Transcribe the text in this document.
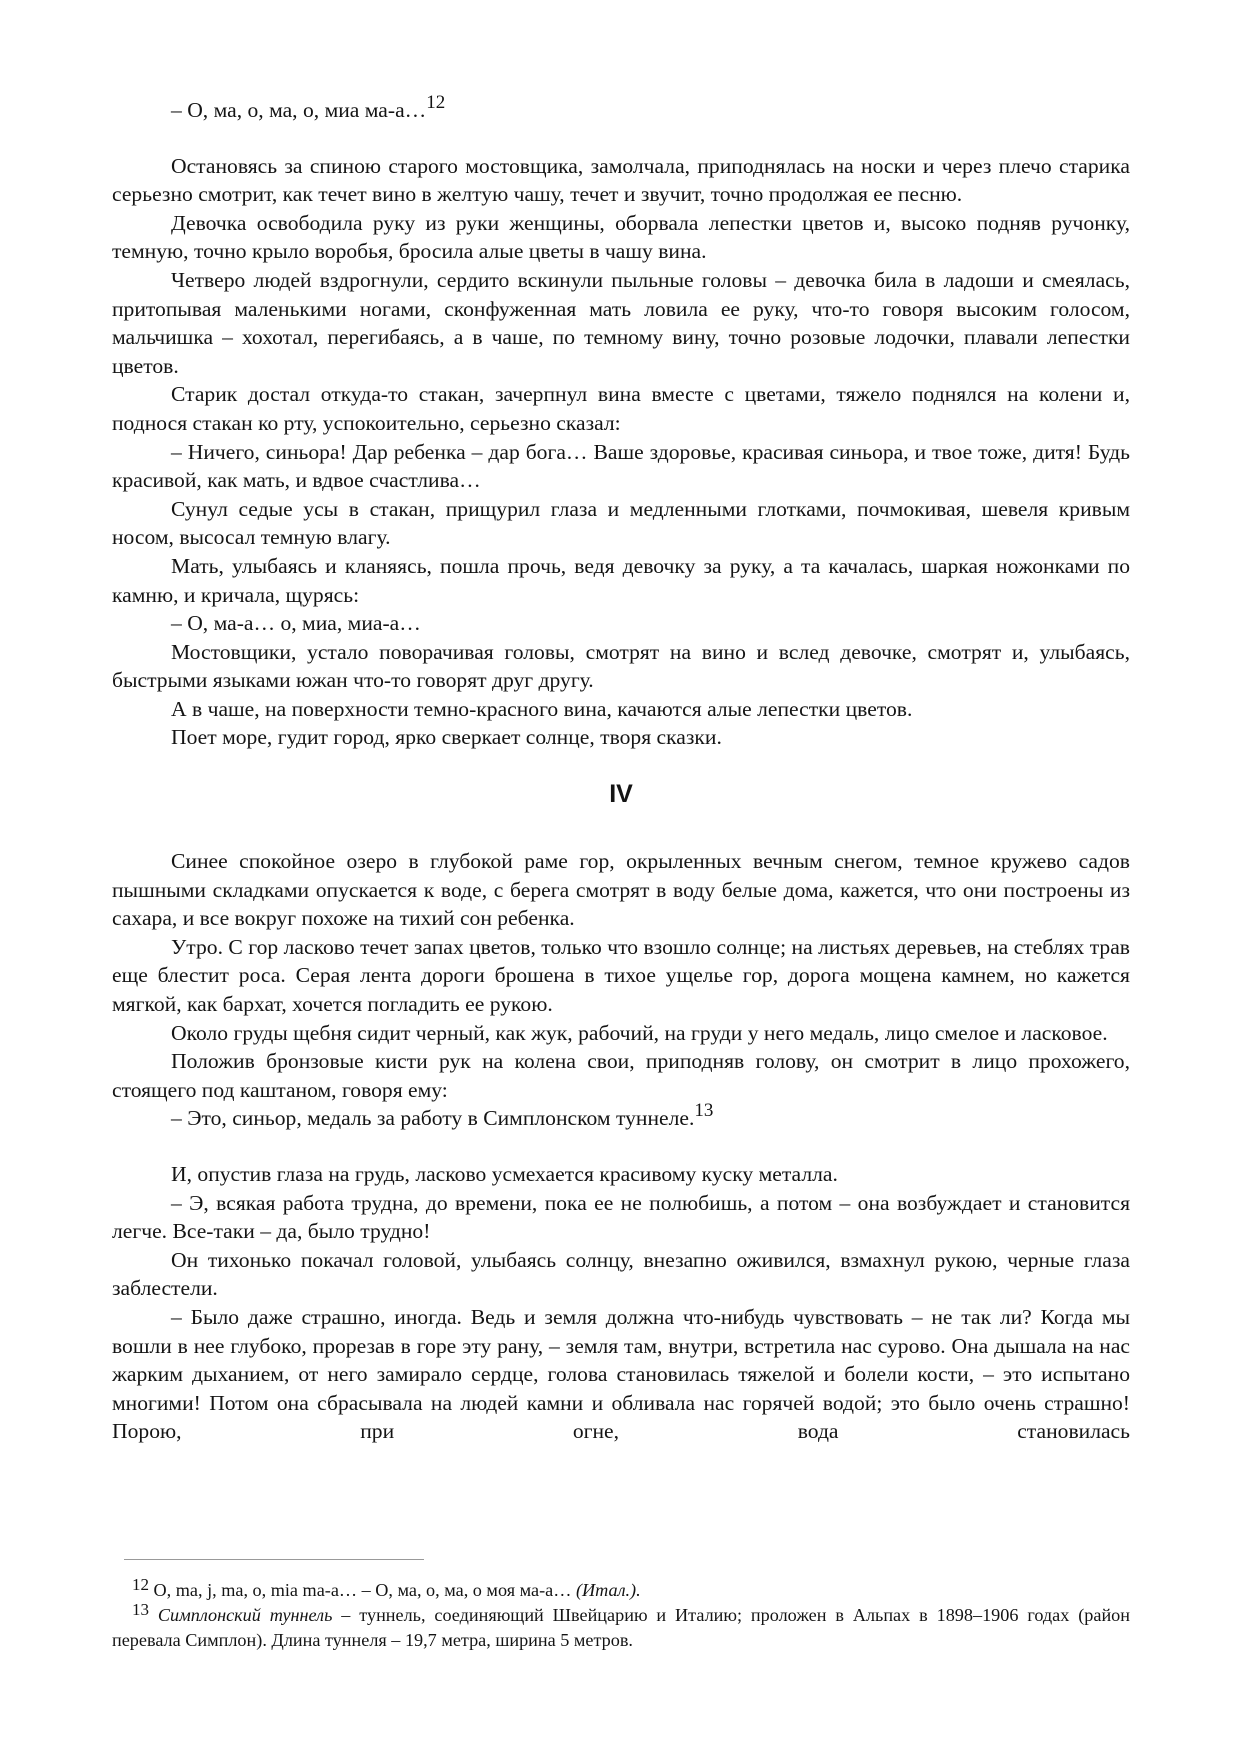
– О, ма, о, ма, о, миа ма-а…$^{12}$

Остановясь за спиною старого мостовщика, замолчала, приподнялась на носки и через плечо старика серьезно смотрит, как течет вино в желтую чашу, течет и звучит, точно продолжая ее песню.

Девочка освободила руку из руки женщины, оборвала лепестки цветов и, высоко подняв ручонку, темную, точно крыло воробья, бросила алые цветы в чашу вина.

Четверо людей вздрогнули, сердито вскинули пыльные головы – девочка била в ладоши и смеялась, притопывая маленькими ногами, сконфуженная мать ловила ее руку, что-то говоря высоким голосом, мальчишка – хохотал, перегибаясь, а в чаше, по темному вину, точно розовые лодочки, плавали лепестки цветов.

Старик достал откуда-то стакан, зачерпнул вина вместе с цветами, тяжело поднялся на колени и, поднося стакан ко рту, успокоительно, серьезно сказал:

– Ничего, синьора! Дар ребенка – дар бога… Ваше здоровье, красивая синьора, и твое тоже, дитя! Будь красивой, как мать, и вдвое счастлива…

Сунул седые усы в стакан, прищурил глаза и медленными глотками, почмокивая, шевеля кривым носом, высосал темную влагу.

Мать, улыбаясь и кланяясь, пошла прочь, ведя девочку за руку, а та качалась, шаркая ножонками по камню, и кричала, щурясь:

– О, ма-а… о, миа, миа-а…

Мостовщики, устало поворачивая головы, смотрят на вино и вслед девочке, смотрят и, улыбаясь, быстрыми языками южан что-то говорят друг другу.

А в чаше, на поверхности темно-красного вина, качаются алые лепестки цветов.

Поет море, гудит город, ярко сверкает солнце, творя сказки.

IV

Синее спокойное озеро в глубокой раме гор, окрыленных вечным снегом, темное кружево садов пышными складками опускается к воде, с берега смотрят в воду белые дома, кажется, что они построены из сахара, и все вокруг похоже на тихий сон ребенка.

Утро. С гор ласково течет запах цветов, только что взошло солнце; на листьях деревьев, на стеблях трав еще блестит роса. Серая лента дороги брошена в тихое ущелье гор, дорога мощена камнем, но кажется мягкой, как бархат, хочется погладить ее рукою.

Около груды щебня сидит черный, как жук, рабочий, на груди у него медаль, лицо смелое и ласковое.

Положив бронзовые кисти рук на колена свои, приподняв голову, он смотрит в лицо прохожего, стоящего под каштаном, говоря ему:

– Это, синьор, медаль за работу в Симплонском туннеле.$^{13}$

И, опустив глаза на грудь, ласково усмехается красивому куску металла.

– Э, всякая работа трудна, до времени, пока ее не полюбишь, а потом – она возбуждает и становится легче. Все-таки – да, было трудно!

Он тихонько покачал головой, улыбаясь солнцу, внезапно оживился, взмахнул рукою, черные глаза заблестели.

– Было даже страшно, иногда. Ведь и земля должна что-нибудь чувствовать – не так ли? Когда мы вошли в нее глубоко, прорезав в горе эту рану, – земля там, внутри, встретила нас сурово. Она дышала на нас жарким дыханием, от него замирало сердце, голова становилась тяжелой и болели кости, – это испытано многими! Потом она сбрасывала на людей камни и обливала нас горячей водой; это было очень страшно! Порою, при огне, вода становилась

12 O, ma, j, ma, o, mia ma-a… – О, ма, о, ма, о моя ма-а… (Итал.).

13 Симплонский туннель – туннель, соединяющий Швейцарию и Италию; проложен в Альпах в 1898–1906 годах (район перевала Симплон). Длина туннеля – 19,7 метра, ширина 5 метров.
